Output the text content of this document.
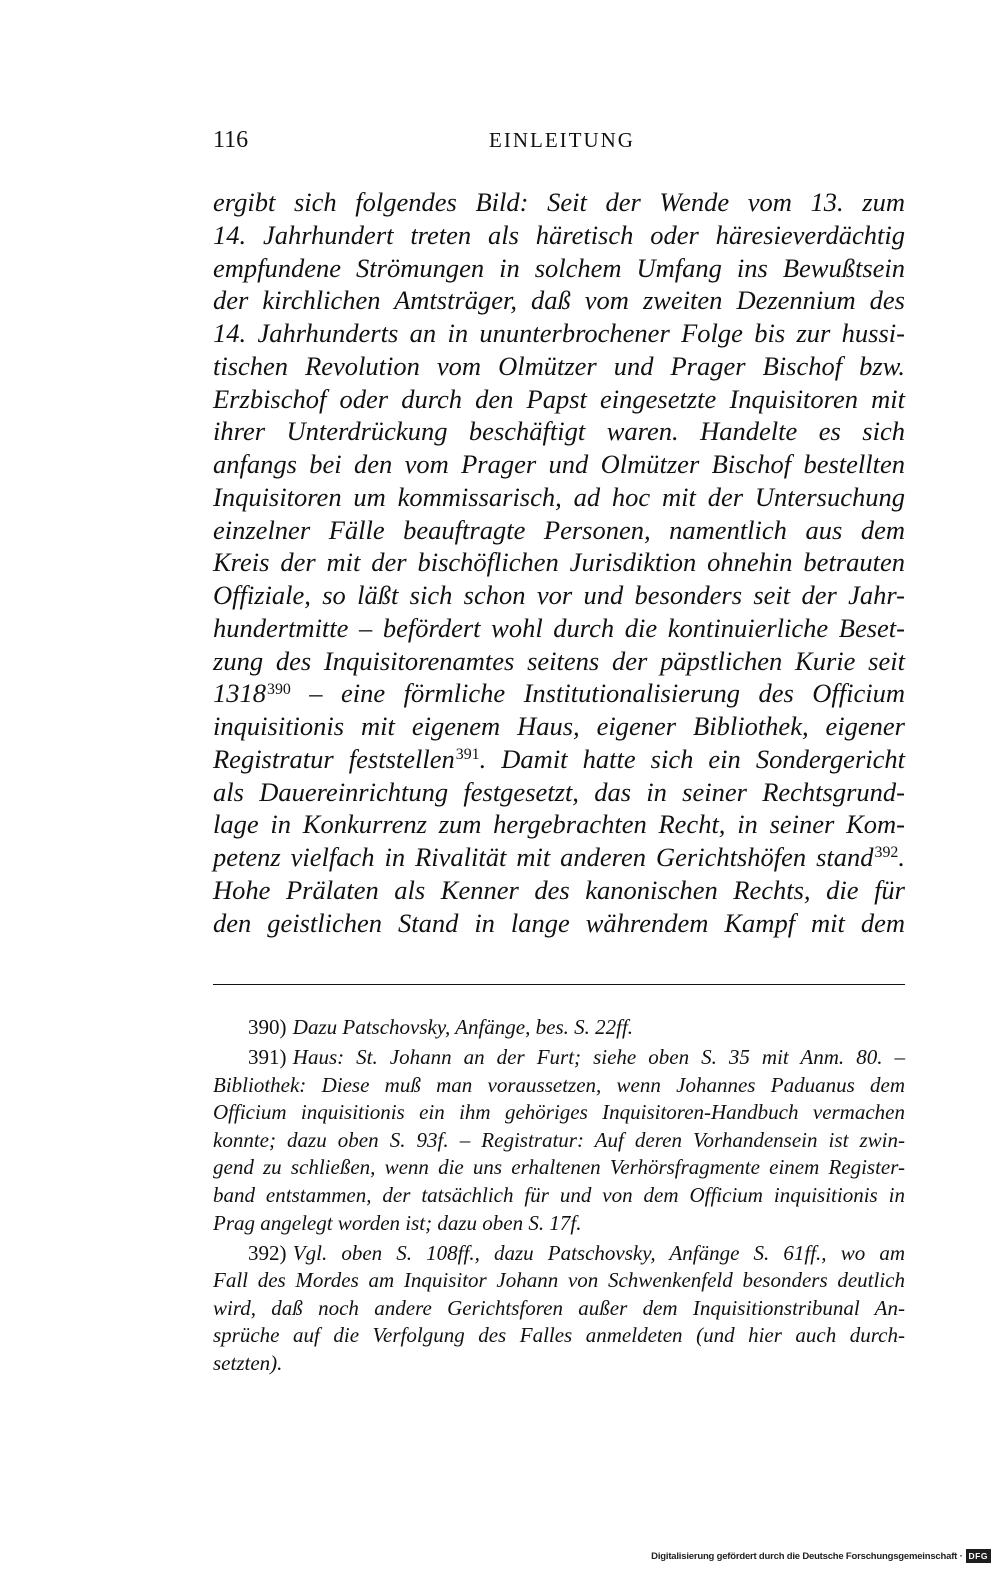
116	EINLEITUNG
ergibt sich folgendes Bild: Seit der Wende vom 13. zum
14. Jahrhundert treten als häretisch oder häresieverdächtig
empfundene Strömungen in solchem Umfang ins Bewußtsein
der kirchlichen Amtsträger, daß vom zweiten Dezennium des
14. Jahrhunderts an in ununterbrochener Folge bis zur hussi-
tischen Revolution vom Olmützer und Prager Bischof bzw.
Erzbischof oder durch den Papst eingesetzte Inquisitoren mit
ihrer Unterdrückung beschäftigt waren. Handelte es sich
anfangs bei den vom Prager und Olmützer Bischof bestellten
Inquisitoren um kommissarisch, ad hoc mit der Untersuchung
einzelner Fälle beauftragte Personen, namentlich aus dem
Kreis der mit der bischöflichen Jurisdiktion ohnehin betrauten
Offiziale, so läßt sich schon vor und besonders seit der Jahr-
hundertmitte – befördert wohl durch die kontinuierliche Beset-
zung des Inquisitorenamtes seitens der päpstlichen Kurie seit
1318$^{390}$ – eine förmliche Institutionalisierung des Officium
inquisitionis mit eigenem Haus, eigener Bibliothek, eigener
Registratur feststellen$^{391}$. Damit hatte sich ein Sondergericht
als Dauereinrichtung festgesetzt, das in seiner Rechtsgrund-
lage in Konkurrenz zum hergebrachten Recht, in seiner Kom-
petenz vielfach in Rivalität mit anderen Gerichtshöfen stand$^{392}$.
Hohe Prälaten als Kenner des kanonischen Rechts, die für
den geistlichen Stand in lange währendem Kampf mit dem
390) Dazu Patschovsky, Anfänge, bes. S. 22ff.
391) Haus: St. Johann an der Furt; siehe oben S. 35 mit Anm. 80. –
Bibliothek: Diese muß man voraussetzen, wenn Johannes Paduanus dem
Officium inquisitionis ein ihm gehöriges Inquisitoren-Handbuch vermachen
konnte; dazu oben S. 93f. – Registratur: Auf deren Vorhandensein ist zwin-
gend zu schließen, wenn die uns erhaltenen Verhörsfragmente einem Register-
band entstammen, der tatsächlich für und von dem Officium inquisitionis in
Prag angelegt worden ist; dazu oben S. 17f.
392) Vgl. oben S. 108ff., dazu Patschovsky, Anfänge S. 61ff., wo am
Fall des Mordes am Inquisitor Johann von Schwenkenfeld besonders deutlich
wird, daß noch andere Gerichtsforen außer dem Inquisitionstribunal An-
sprüche auf die Verfolgung des Falles anmeldeten (und hier auch durch-
setzten).
Digitalisierung gefördert durch die Deutsche Forschungsgemeinschaft · DFG
